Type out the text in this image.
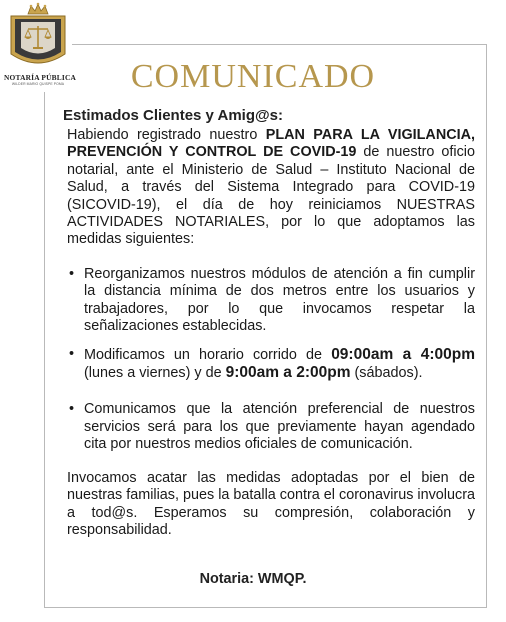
NOTARÍA PÚBLICA
WILDER MARIO QUISPE POMA	COMUNICADO
Estimados Clientes y Amig@s:
Habiendo registrado nuestro PLAN PARA LA VIGILANCIA, PREVENCIÓN Y CONTROL DE COVID-19 de nuestro oficio notarial, ante el Ministerio de Salud – Instituto Nacional de Salud, a través del Sistema Integrado para COVID-19 (SICOVID-19), el día de hoy reiniciamos NUESTRAS ACTIVIDADES NOTARIALES, por lo que adoptamos las medidas siguientes:
• Reorganizamos nuestros módulos de atención a fin cumplir la distancia mínima de dos metros entre los usuarios y trabajadores, por lo que invocamos respetar la señalizaciones establecidas.
• Modificamos un horario corrido de 09:00am a 4:00pm (lunes a viernes) y de 9:00am a 2:00pm (sábados).
• Comunicamos que la atención preferencial de nuestros servicios será para los que previamente hayan agendado cita por nuestros medios oficiales de comunicación.
Invocamos acatar las medidas adoptadas por el bien de nuestras familias, pues la batalla contra el coronavirus involucra a tod@s. Esperamos su compresión, colaboración y responsabilidad.
Notaria: WMQP.
